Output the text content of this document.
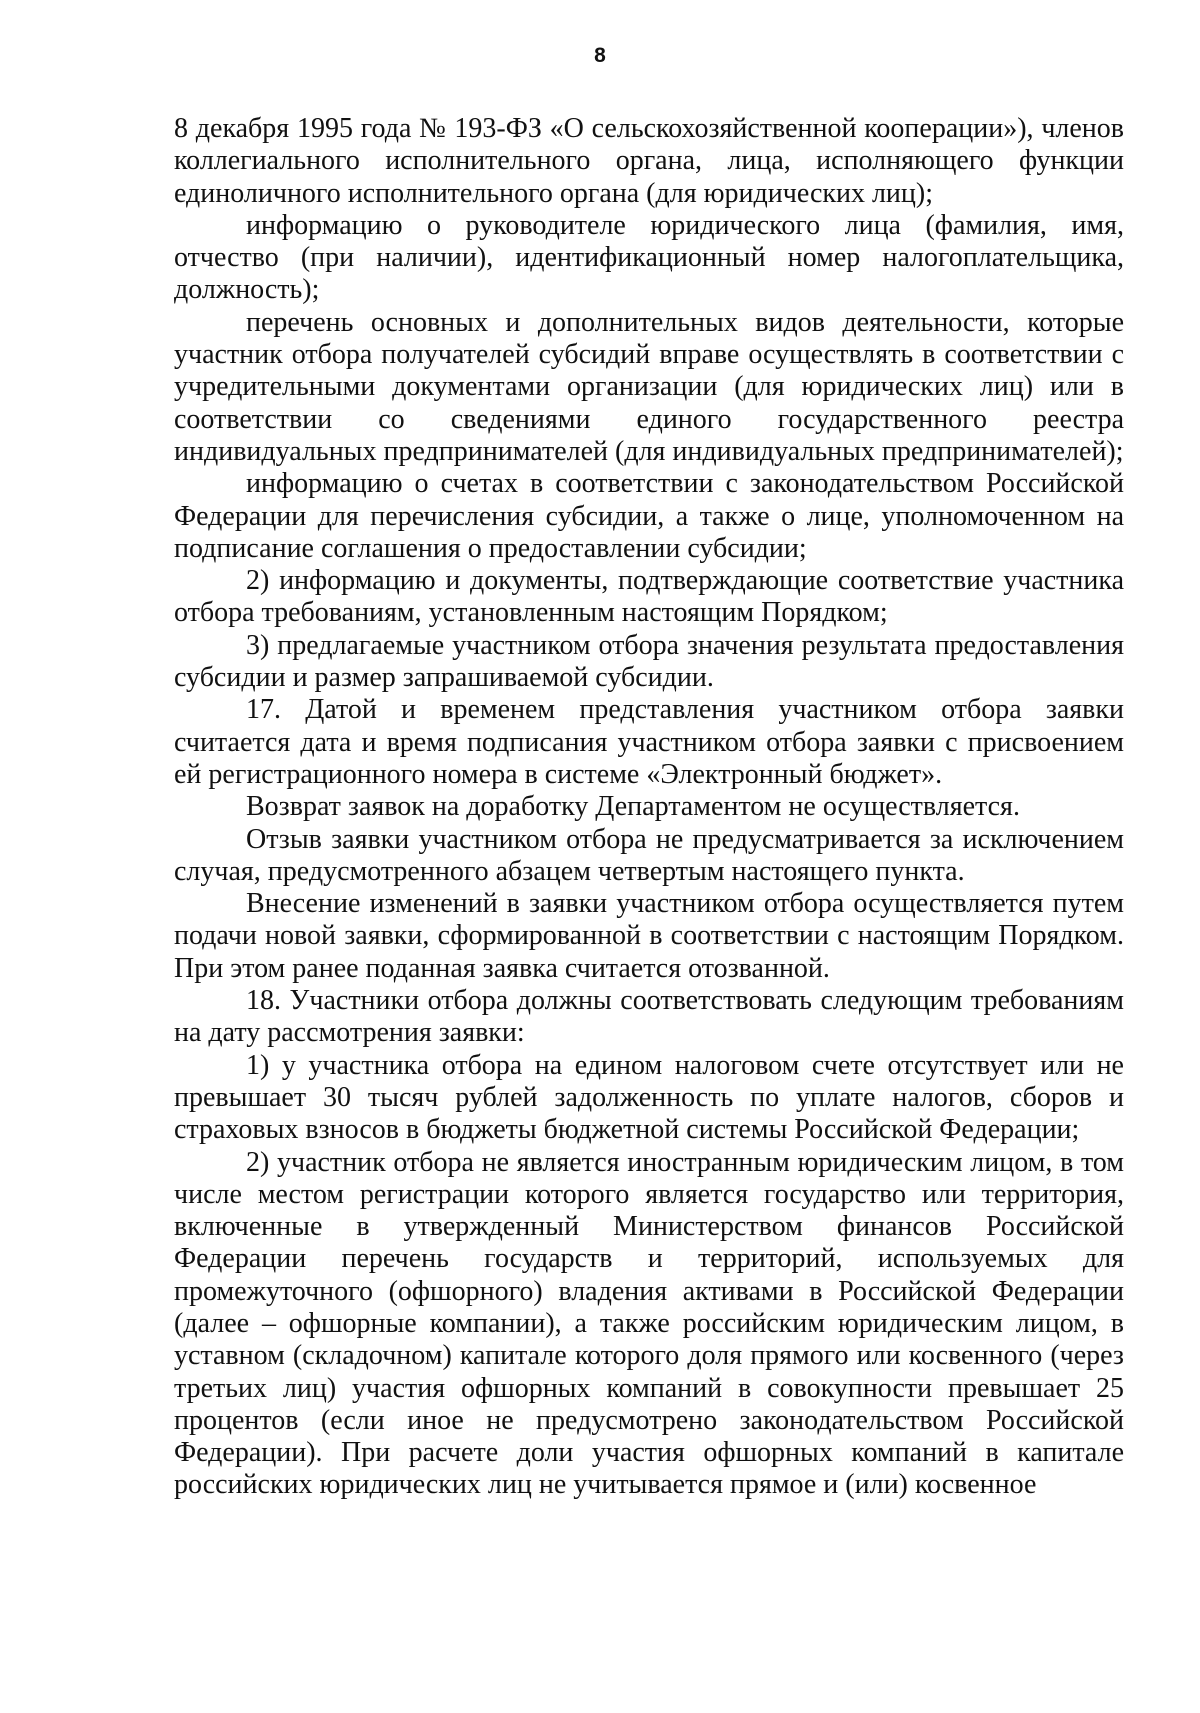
8

8 декабря 1995 года № 193-ФЗ «О сельскохозяйственной кооперации»), членов коллегиального исполнительного органа, лица, исполняющего функции единоличного исполнительного органа (для юридических лиц);

информацию о руководителе юридического лица (фамилия, имя, отчество (при наличии), идентификационный номер налогоплательщика, должность);

перечень основных и дополнительных видов деятельности, которые участник отбора получателей субсидий вправе осуществлять в соответствии с учредительными документами организации (для юридических лиц) или в соответствии со сведениями единого государственного реестра индивидуальных предпринимателей (для индивидуальных предпринимателей);

информацию о счетах в соответствии с законодательством Российской Федерации для перечисления субсидии, а также о лице, уполномоченном на подписание соглашения о предоставлении субсидии;

2) информацию и документы, подтверждающие соответствие участника отбора требованиям, установленным настоящим Порядком;

3) предлагаемые участником отбора значения результата предоставления субсидии и размер запрашиваемой субсидии.

17. Датой и временем представления участником отбора заявки считается дата и время подписания участником отбора заявки с присвоением ей регистрационного номера в системе «Электронный бюджет».

Возврат заявок на доработку Департаментом не осуществляется.

Отзыв заявки участником отбора не предусматривается за исключением случая, предусмотренного абзацем четвертым настоящего пункта.

Внесение изменений в заявки участником отбора осуществляется путем подачи новой заявки, сформированной в соответствии с настоящим Порядком. При этом ранее поданная заявка считается отозванной.

18. Участники отбора должны соответствовать следующим требованиям на дату рассмотрения заявки:

1) у участника отбора на едином налоговом счете отсутствует или не превышает 30 тысяч рублей задолженность по уплате налогов, сборов и страховых взносов в бюджеты бюджетной системы Российской Федерации;

2) участник отбора не является иностранным юридическим лицом, в том числе местом регистрации которого является государство или территория, включенные в утвержденный Министерством финансов Российской Федерации перечень государств и территорий, используемых для промежуточного (офшорного) владения активами в Российской Федерации (далее – офшорные компании), а также российским юридическим лицом, в уставном (складочном) капитале которого доля прямого или косвенного (через третьих лиц) участия офшорных компаний в совокупности превышает 25 процентов (если иное не предусмотрено законодательством Российской Федерации). При расчете доли участия офшорных компаний в капитале российских юридических лиц не учитывается прямое и (или) косвенное
